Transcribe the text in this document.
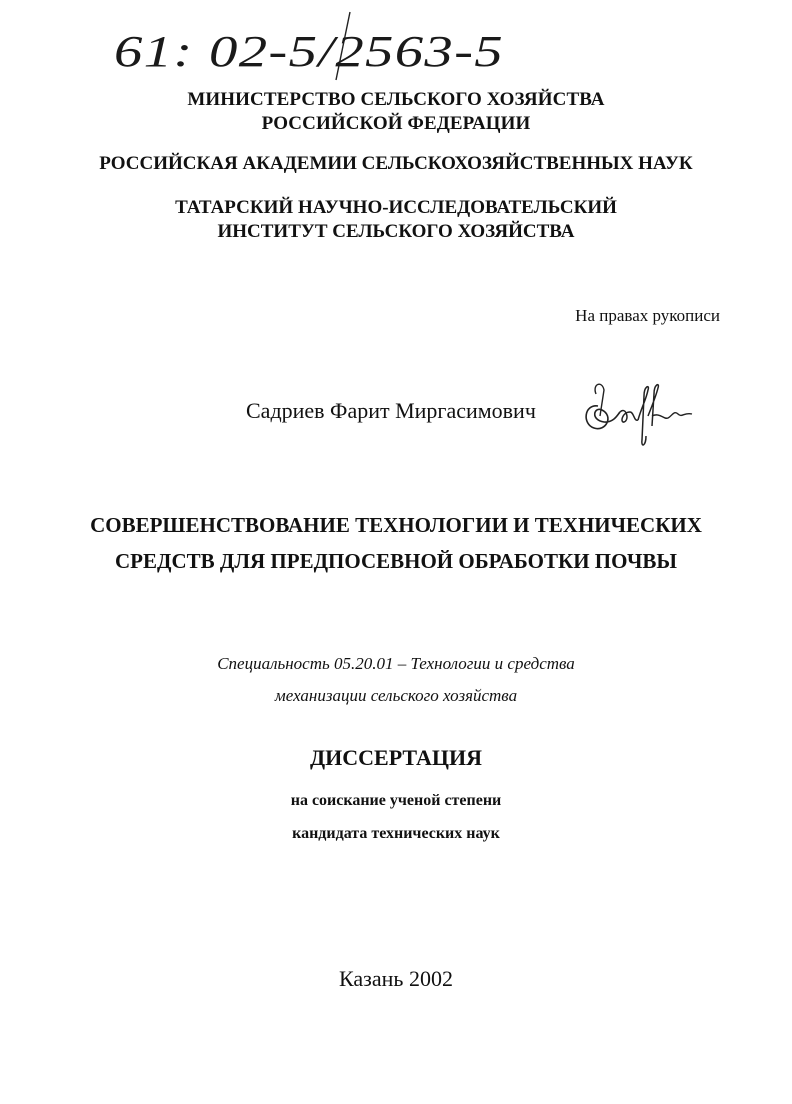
61: 02-5/2563-5
МИНИСТЕРСТВО СЕЛЬСКОГО ХОЗЯЙСТВА
РОССИЙСКОЙ ФЕДЕРАЦИИ
РОССИЙСКАЯ АКАДЕМИИ СЕЛЬСКОХОЗЯЙСТВЕННЫХ НАУК
ТАТАРСКИЙ НАУЧНО-ИССЛЕДОВАТЕЛЬСКИЙ
ИНСТИТУТ СЕЛЬСКОГО ХОЗЯЙСТВА
На правах рукописи
Садриев Фарит Миргасимович
СОВЕРШЕНСТВОВАНИЕ ТЕХНОЛОГИИ И ТЕХНИЧЕСКИХ
СРЕДСТВ ДЛЯ ПРЕДПОСЕВНОЙ ОБРАБОТКИ ПОЧВЫ
Специальность 05.20.01 – Технологии и средства
механизации сельского хозяйства
ДИССЕРТАЦИЯ
на соискание ученой степени
кандидата технических наук
Казань 2002
